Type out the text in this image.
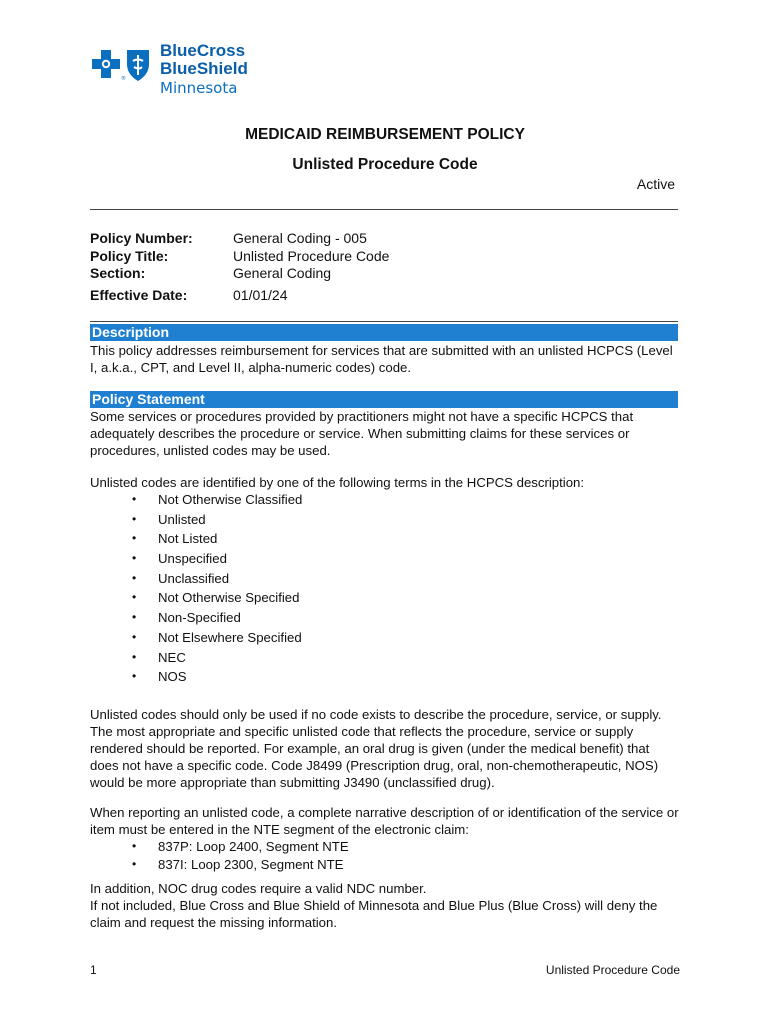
®
BlueCross
BlueShield
Minnesota
MEDICAID REIMBURSEMENT POLICY
Unlisted Procedure Code
Active
Policy Number:	General Coding - 005
Policy Title:	Unlisted Procedure Code
Section:	General Coding
Effective Date:	01/01/24
Description

This policy addresses reimbursement for services that are submitted with an unlisted HCPCS (Level I, a.k.a., CPT, and Level II, alpha-numeric codes) code.

Policy Statement

Some services or procedures provided by practitioners might not have a specific HCPCS that adequately describes the procedure or service. When submitting claims for these services or procedures, unlisted codes may be used.

Unlisted codes are identified by one of the following terms in the HCPCS description:

• Not Otherwise Classified
• Unlisted
• Not Listed
• Unspecified
• Unclassified
• Not Otherwise Specified
• Non-Specified
• Not Elsewhere Specified
• NEC
• NOS

Unlisted codes should only be used if no code exists to describe the procedure, service, or supply. The most appropriate and specific unlisted code that reflects the procedure, service or supply rendered should be reported. For example, an oral drug is given (under the medical benefit) that does not have a specific code. Code J8499 (Prescription drug, oral, non-chemotherapeutic, NOS) would be more appropriate than submitting J3490 (unclassified drug).

When reporting an unlisted code, a complete narrative description of or identification of the service or item must be entered in the NTE segment of the electronic claim:

• 837P: Loop 2400, Segment NTE
• 837I: Loop 2300, Segment NTE

In addition, NOC drug codes require a valid NDC number.

If not included, Blue Cross and Blue Shield of Minnesota and Blue Plus (Blue Cross) will deny the claim and request the missing information.

1	Unlisted Procedure Code
